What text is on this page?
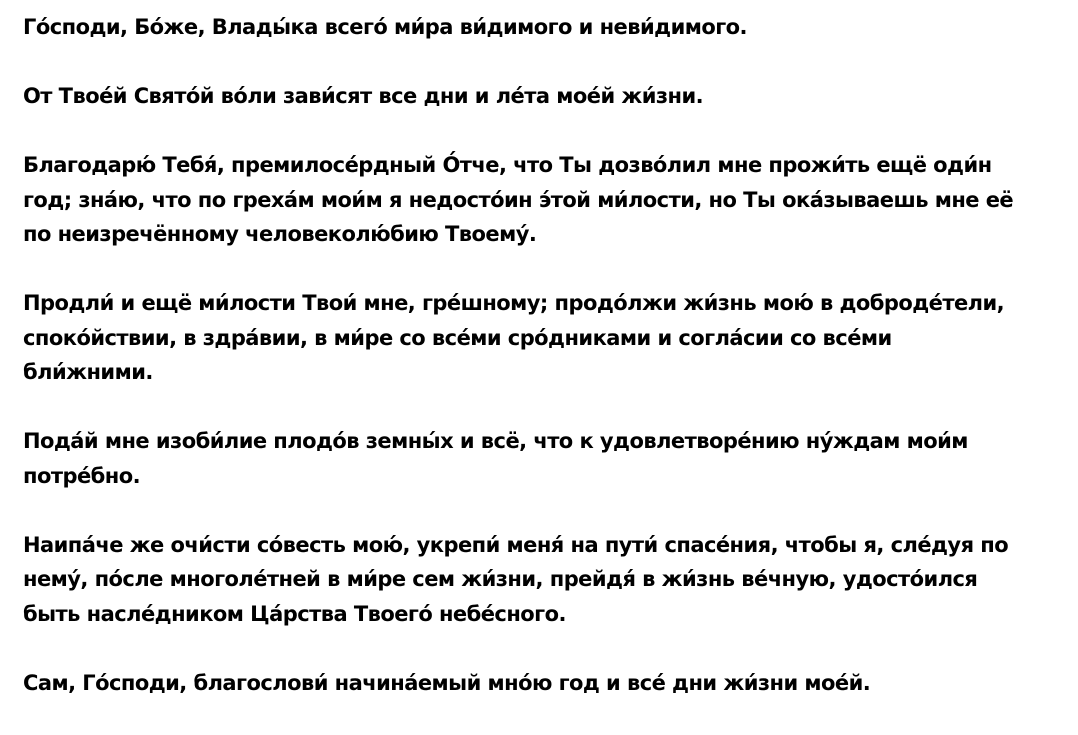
Го́споди, Бо́же, Влады́ка всего́ ми́ра ви́димого и неви́димого.

От Твое́й Свято́й во́ли зави́сят все дни и ле́та мое́й жи́зни.

Благодарю́ Тебя́, премилосе́рдный О́тче, что Ты дозво́лил мне прожи́ть ещё оди́н
год; зна́ю, что по греха́м мои́м я недосто́ин э́той ми́лости, но Ты ока́зываешь мне её
по неизречённому человеколю́бию Твоему́.

Продли́ и ещё ми́лости Твои́ мне, гре́шному; продо́лжи жи́знь мою́ в доброде́тели,
споко́йствии, в здра́вии, в ми́ре со все́ми сро́дниками и согла́сии со все́ми
бли́жними.

Пода́й мне изоби́лие плодо́в земны́х и всё, что к удовлетворе́нию ну́ждам мои́м
потре́бно.

Наипа́че же очи́сти со́весть мою́, укрепи́ меня́ на пути́ спасе́ния, чтобы я, сле́дуя по
нему́, по́сле многоле́тней в ми́ре сем жи́зни, прейдя́ в жи́знь ве́чную, удосто́ился
быть насле́дником Ца́рства Твоего́ небе́сного.

Сам, Го́споди, благослови́ начина́емый мно́ю год и все́ дни жи́зни мое́й.
